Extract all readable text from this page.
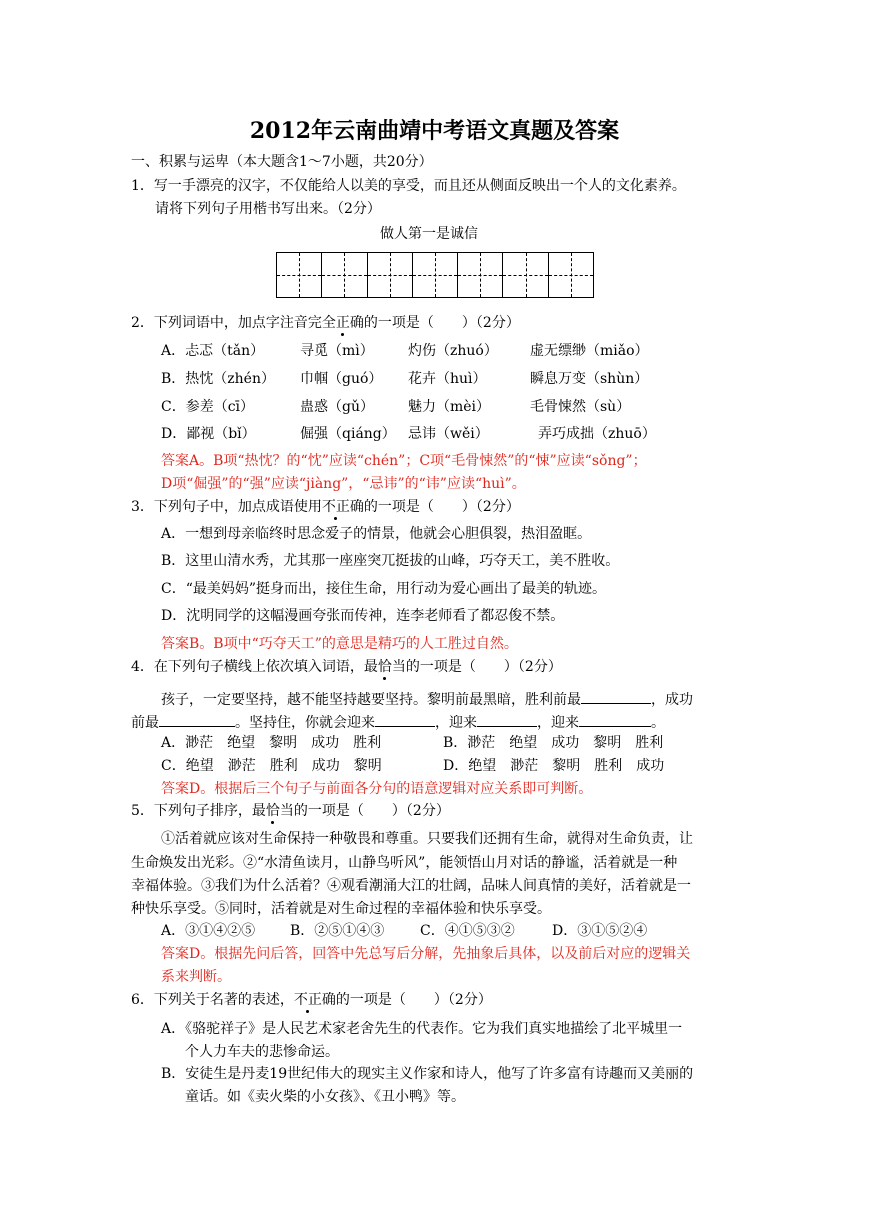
2012年云南曲靖中考语文真题及答案
一、积累与运卑（本大题含1～7小题，共20分）
1．写一手漂亮的汉字，不仅能给人以美的享受，而且还从侧面反映出一个人的文化素养。
请将下列句子用楷书写出来。（2分）
做人第一是诚信
2．下列词语中，加点字注音完全正确的一项是（　　）（2分）
A．忐忑（tǎn）	寻觅（mì） 灼伤（zhuó） 虚无缥缈（miǎo）
B．热忱（zhén） 巾帼（guó） 花卉（huì）	瞬息万变（shùn）
C．参差（cī）	蛊惑（gǔ） 魅力（mèi）	毛骨悚然（sù）
D．鄙视（bǐ）	倔强（qiáng） 忌讳（wěi）	弄巧成拙（zhuō）
答案A。B项“热忱？的“忱”应读“chén”；C项“毛骨悚然”的“悚”应读“sǒng”；
D项“倔强”的“强”应读“jiàng”，“忌讳”的“讳”应读“huì”。
3．下列句子中，加点成语使用不正确的一项是（　　）（2分）
A．一想到母亲临终时思念爱子的情景，他就会心胆俱裂，热泪盈眶。
B．这里山清水秀，尤其那一座座突兀挺拔的山峰，巧夺天工，美不胜收。
C．“最美妈妈”挺身而出，接住生命，用行动为爱心画出了最美的轨迹。
D．沈明同学的这幅漫画夸张而传神，连李老师看了都忍俊不禁。
答案B。B项中“巧夺天工”的意思是精巧的人工胜过自然。
4．在下列句子横线上依次填入词语，最恰当的一项是（　　）（2分）
孩子，一定要坚持，越不能坚持越要坚持。黎明前最黑暗，胜利前最	，成功
前最	。坚持住，你就会迎来	，迎来	，迎来	。
A．渺茫　绝望　黎明　成功　胜利	B．渺茫　绝望　成功　黎明　胜利
C．绝望　渺茫　胜利　成功　黎明	D．绝望　渺茫　黎明　胜利　成功
答案D。根据后三个句子与前面各分句的语意逻辑对应关系即可判断。
5．下列句子排序，最恰当的一项是（　　）（2分）
①活着就应该对生命保持一种敬畏和尊重。只要我们还拥有生命，就得对生命负责，让
生命焕发出光彩。②“水清鱼读月，山静鸟听风”，能领悟山月对话的静谧，活着就是一种
幸福体验。③我们为什么活着？④观看潮涌大江的壮阔，品味人间真情的美好，活着就是一
种快乐享受。⑤同时，活着就是对生命过程的幸福体验和快乐享受。
A．③①④②⑤ B．②⑤①④③	C．④①⑤③②	D．③①⑤②④
答案D。根据先问后答，回答中先总写后分解，先抽象后具体，以及前后对应的逻辑关
系来判断。
6．下列关于名著的表述，不正确的一项是（　　）（2分）
A．《骆驼祥子》是人民艺术家老舍先生的代表作。它为我们真实地描绘了北平城里一
个人力车夫的悲惨命运。
B．安徒生是丹麦19世纪伟大的现实主义作家和诗人，他写了许多富有诗趣而又美丽的
童话。如《卖火柴的小女孩》、《丑小鸭》等。
